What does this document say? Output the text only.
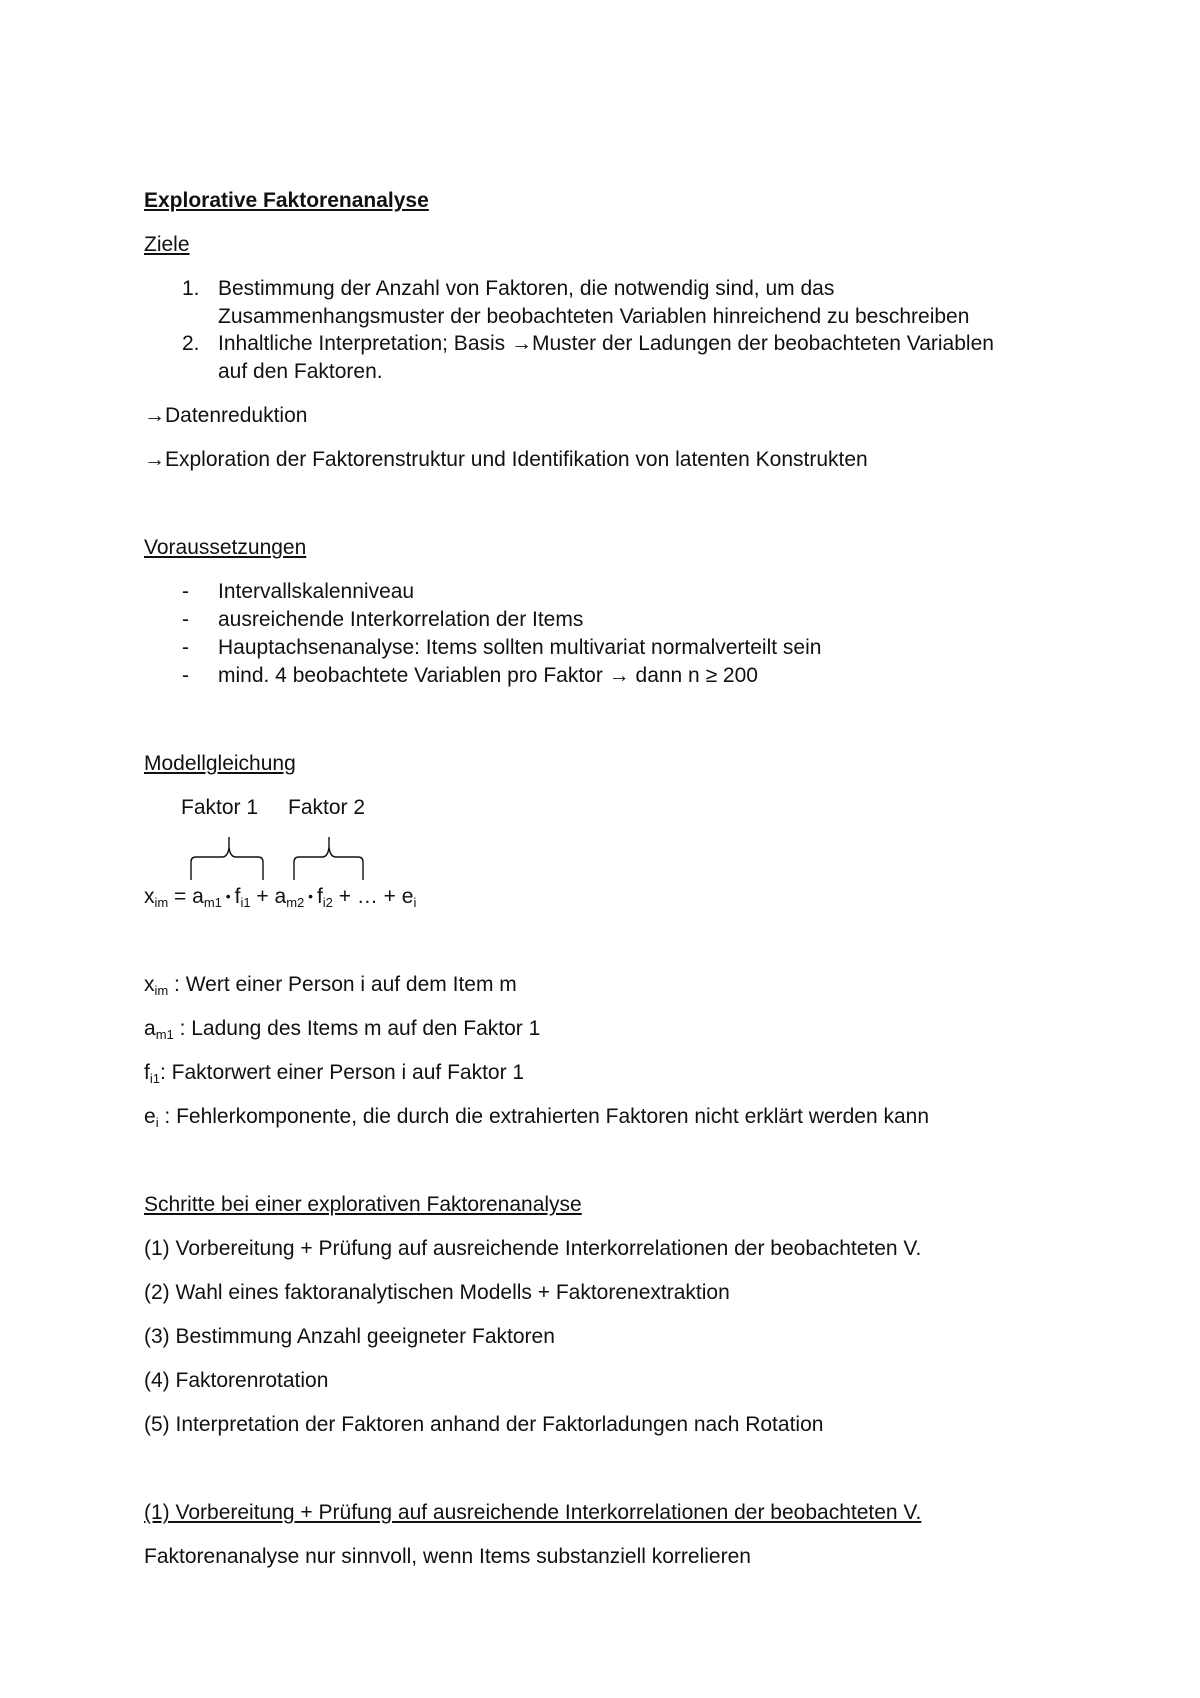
Explorative Faktorenanalyse
Ziele
1. Bestimmung der Anzahl von Faktoren, die notwendig sind, um das
Zusammenhangsmuster der beobachteten Variablen hinreichend zu beschreiben
2. Inhaltliche Interpretation; Basis →Muster der Ladungen der beobachteten Variablen
auf den Faktoren.
→Datenreduktion
→Exploration der Faktorenstruktur und Identifikation von latenten Konstrukten
Voraussetzungen
-	Intervallskalenniveau
-	ausreichende Interkorrelation der Items
-	Hauptachsenanalyse: Items sollten multivariat normalverteilt sein
-	mind. 4 beobachtete Variablen pro Faktor → dann n ≥ 200
Modellgleichung
Faktor 1 Faktor 2
$x_{im} = a_{m1}$ • $f_{i1} + a_{m2}$ • $f_{i2}$ + … + $e_i$
$x_{im}$ : Wert einer Person i auf dem Item m
$a_{m1}$ : Ladung des Items m auf den Faktor 1
$f_{i1}$: Faktorwert einer Person i auf Faktor 1
$e_i$ : Fehlerkomponente, die durch die extrahierten Faktoren nicht erklärt werden kann
Schritte bei einer explorativen Faktorenanalyse
(1) Vorbereitung + Prüfung auf ausreichende Interkorrelationen der beobachteten V.
(2) Wahl eines faktoranalytischen Modells + Faktorenextraktion
(3) Bestimmung Anzahl geeigneter Faktoren
(4) Faktorenrotation
(5) Interpretation der Faktoren anhand der Faktorladungen nach Rotation
(1) Vorbereitung + Prüfung auf ausreichende Interkorrelationen der beobachteten V.
Faktorenanalyse nur sinnvoll, wenn Items substanziell korrelieren
